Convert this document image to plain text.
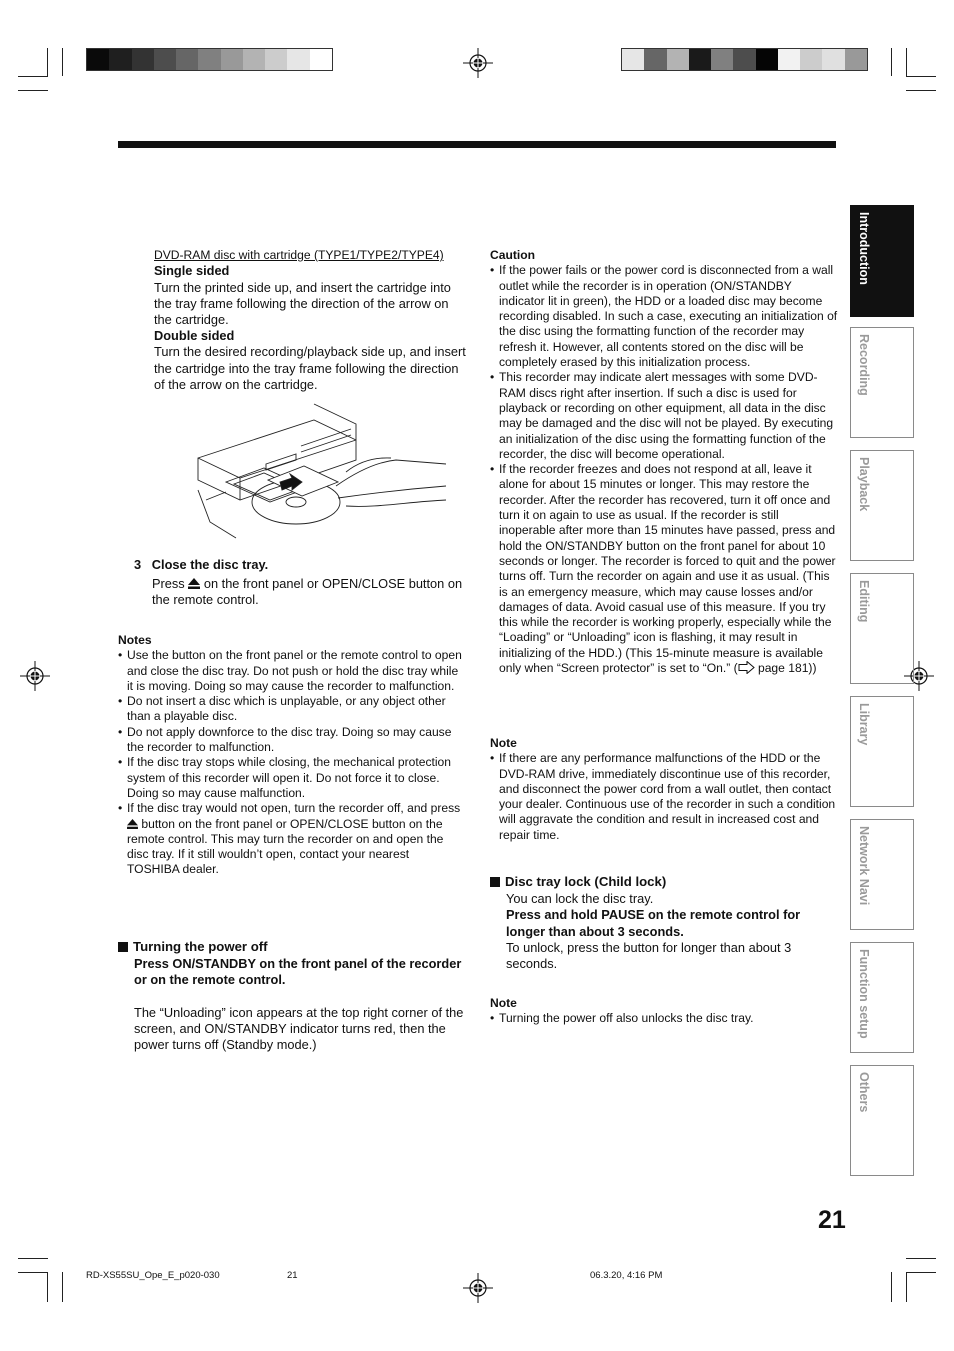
DVD-RAM disc with cartridge (TYPE1/TYPE2/TYPE4)
Single sided
Turn the printed side up, and insert the cartridge into the tray frame following the direction of the arrow on the cartridge.
Double sided
Turn the desired recording/playback side up, and insert the cartridge into the tray frame following the direction of the arrow on the cartridge.
3 Close the disc tray.
Press on the front panel or OPEN/CLOSE button on the remote control.
Notes
• Use the button on the front panel or the remote control to open and close the disc tray. Do not push or hold the disc tray while it is moving. Doing so may cause the recorder to malfunction.
• Do not insert a disc which is unplayable, or any object other than a playable disc.
• Do not apply downforce to the disc tray. Doing so may cause the recorder to malfunction.
• If the disc tray stops while closing, the mechanical protection system of this recorder will open it. Do not force it to close. Doing so may cause malfunction.
• If the disc tray would not open, turn the recorder off, and press  button on the front panel or OPEN/CLOSE button on the remote control. This may turn the recorder on and open the disc tray. If it still wouldn’t open, contact your nearest TOSHIBA dealer.
Turning the power off
Press ON/STANDBY on the front panel of the recorder or on the remote control.
The “Unloading” icon appears at the top right corner of the screen, and ON/STANDBY indicator turns red, then the power turns off (Standby mode.)
Caution
• If the power fails or the power cord is disconnected from a wall outlet while the recorder is in operation (ON/STANDBY indicator lit in green), the HDD or a loaded disc may become recording disabled. In such a case, executing an initialization of the disc using the formatting function of the recorder may refresh it. However, all contents stored on the disc will be completely erased by this initialization process.
• This recorder may indicate alert messages with some DVD-RAM discs right after insertion. If such a disc is used for playback or recording on other equipment, all data in the disc may be damaged and the disc will not be played. By executing an initialization of the disc using the formatting function of the recorder, the disc will become operational.
• If the recorder freezes and does not respond at all, leave it alone for about 15 minutes or longer. This may restore the recorder. After the recorder has recovered, turn it off once and turn it on again to use as usual. If the recorder is still inoperable after more than 15 minutes have passed, press and hold the ON/STANDBY button on the front panel for about 10 seconds or longer. The recorder is forced to quit and the power turns off. Turn the recorder on again and use it as usual. (This is an emergency measure, which may cause losses and/or damages of data. Avoid casual use of this measure. If you try this while the recorder is working properly, especially while the “Loading” or “Unloading” icon is flashing, it may result in initializing of the HDD.) (This 15-minute measure is available only when “Screen protector” is set to “On.” ( page 181))
Note
• If there are any performance malfunctions of the HDD or the DVD-RAM drive, immediately discontinue use of this recorder, and disconnect the power cord from a wall outlet, then contact your dealer. Continuous use of the recorder in such a condition will aggravate the condition and result in increased cost and repair time.
Disc tray lock (Child lock)
You can lock the disc tray.
Press and hold PAUSE on the remote control for longer than about 3 seconds.
To unlock, press the button for longer than about 3 seconds.
Note
• Turning the power off also unlocks the disc tray.
Introduction
Recording
Playback
Editing
Library
Network Navi
Function setup
Others
21
RD-XS55SU_Ope_E_p020-030	21	06.3.20, 4:16 PM
